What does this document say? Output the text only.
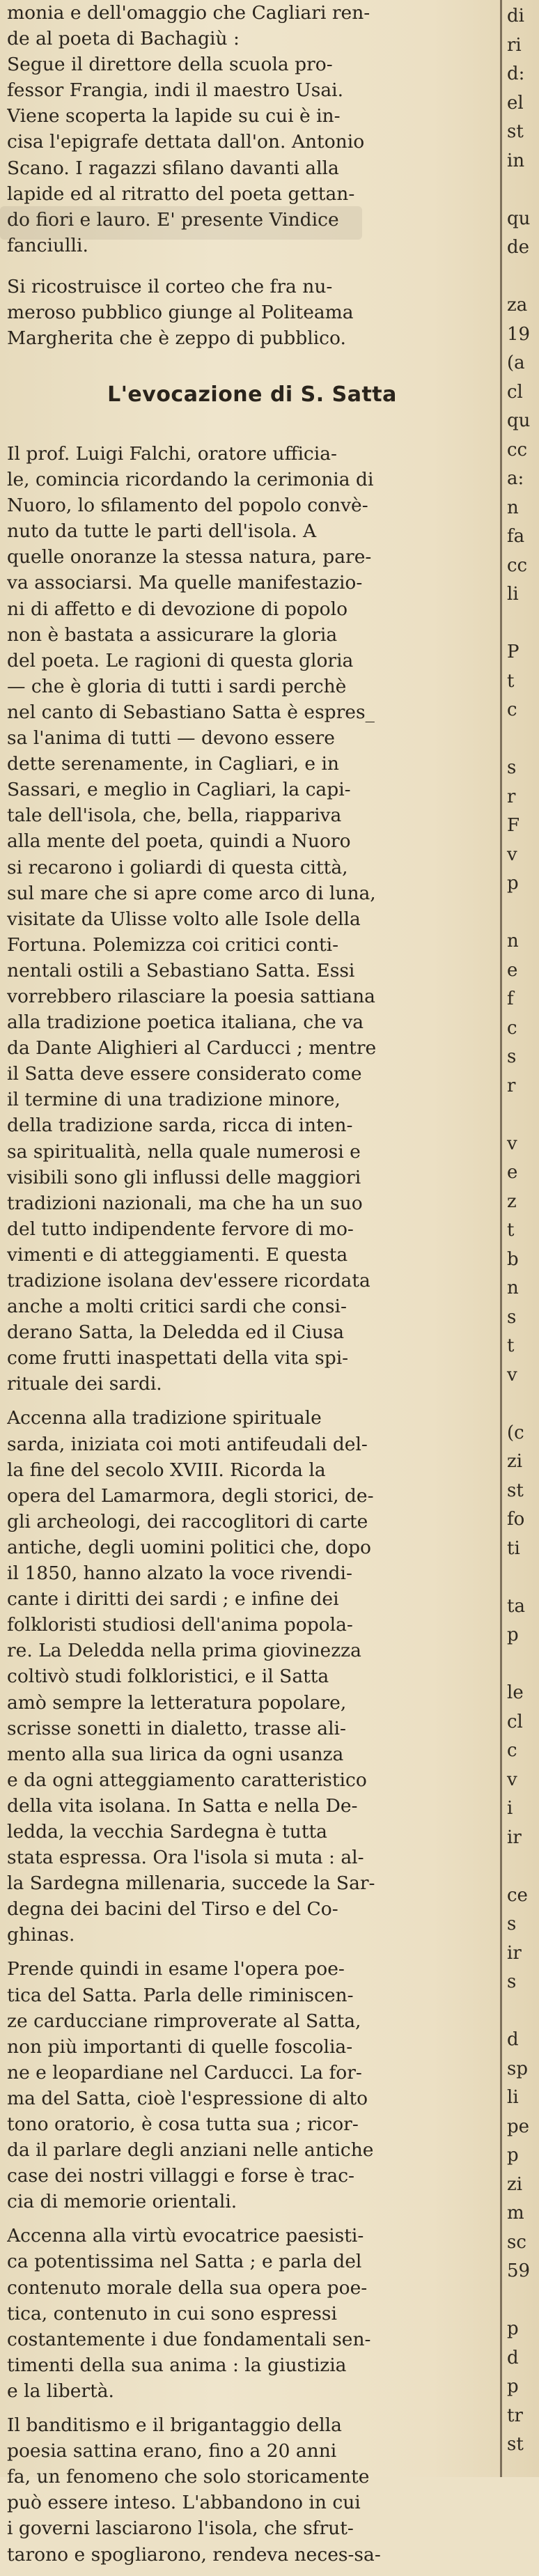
monia e dell'omaggio che Cagliari ren-
de al poeta di Bachagiù :
Segue il direttore della scuola pro-
fessor Frangia, indi il maestro Usai.
Viene scoperta la lapide su cui è in-
cisa l'epigrafe dettata dall'on. Antonio
Scano. I ragazzi sfilano davanti alla
lapide ed al ritratto del poeta gettan-
do fiori e lauro. E' presente Vindice
fanciulli.
Si ricostruisce il corteo che fra nu-
meroso pubblico giunge al Politeama
Margherita che è zeppo di pubblico.
L'evocazione di S. Satta
Il prof. Luigi Falchi, oratore ufficia-
le, comincia ricordando la cerimonia di
Nuoro, lo sfilamento del popolo convè-
nuto da tutte le parti dell'isola. A
quelle onoranze la stessa natura, pare-
va associarsi. Ma quelle manifestazio-
ni di affetto e di devozione di popolo
non è bastata a assicurare la gloria
del poeta. Le ragioni di questa gloria
— che è gloria di tutti i sardi perchè
nel canto di Sebastiano Satta è espres_
sa l'anima di tutti — devono essere
dette serenamente, in Cagliari, e in
Sassari, e meglio in Cagliari, la capi-
tale dell'isola, che, bella, riappariva
alla mente del poeta, quindi a Nuoro
si recarono i goliardi di questa città,
sul mare che si apre come arco di luna,
visitate da Ulisse volto alle Isole della
Fortuna. Polemizza coi critici conti-
nentali ostili a Sebastiano Satta. Essi
vorrebbero rilasciare la poesia sattiana
alla tradizione poetica italiana, che va
da Dante Alighieri al Carducci ; mentre
il Satta deve essere considerato come
il termine di una tradizione minore,
della tradizione sarda, ricca di inten-
sa spiritualità, nella quale numerosi e
visibili sono gli influssi delle maggiori
tradizioni nazionali, ma che ha un suo
del tutto indipendente fervore di mo-
vimenti e di atteggiamenti. E questa
tradizione isolana dev'essere ricordata
anche a molti critici sardi che consi-
derano Satta, la Deledda ed il Ciusa
come frutti inaspettati della vita spi-
rituale dei sardi.
Accenna alla tradizione spirituale
sarda, iniziata coi moti antifeudali del-
la fine del secolo XVIII. Ricorda la
opera del Lamarmora, degli storici, de-
gli archeologi, dei raccoglitori di carte
antiche, degli uomini politici che, dopo
il 1850, hanno alzato la voce rivendi-
cante i diritti dei sardi ; e infine dei
folkloristi studiosi dell'anima popola-
re. La Deledda nella prima giovinezza
coltivò studi folkloristici, e il Satta
amò sempre la letteratura popolare,
scrisse sonetti in dialetto, trasse ali-
mento alla sua lirica da ogni usanza
e da ogni atteggiamento caratteristico
della vita isolana. In Satta e nella De-
ledda, la vecchia Sardegna è tutta
stata espressa. Ora l'isola si muta : al-
la Sardegna millenaria, succede la Sar-
degna dei bacini del Tirso e del Co-
ghinas.
Prende quindi in esame l'opera poe-
tica del Satta. Parla delle riminiscen-
ze carducciane rimproverate al Satta,
non più importanti di quelle foscolia-
ne e leopardiane nel Carducci. La for-
ma del Satta, cioè l'espressione di alto
tono oratorio, è cosa tutta sua ; ricor-
da il parlare degli anziani nelle antiche
case dei nostri villaggi e forse è trac-
cia di memorie orientali.
Accenna alla virtù evocatrice paesisti-
ca potentissima nel Satta ; e parla del
contenuto morale della sua opera poe-
tica, contenuto in cui sono espressi
costantemente i due fondamentali sen-
timenti della sua anima : la giustizia
e la libertà.
Il banditismo e il brigantaggio della
poesia sattina erano, fino a 20 anni
fa, un fenomeno che solo storicamente
può essere inteso. L'abbandono in cui
i governi lasciarono l'isola, che sfrut-
tarono e spogliarono, rendeva neces-sa-
di
ri
d:
el
st
in
qu
de
za
19
(a
cl
qu
cc
a:
n
fa
cc
li
P
t
c
s
r
F
v
p
n
e
f
c
s
r
v
e
z
t
b
n
s
t
v
(c
zi
st
fo
ti
ta
p
le
cl
c
v
i
ir
ce
s
ir
s
d
sp
li
pe
p
zi
m
sc
59
p
d
p
tr
st
